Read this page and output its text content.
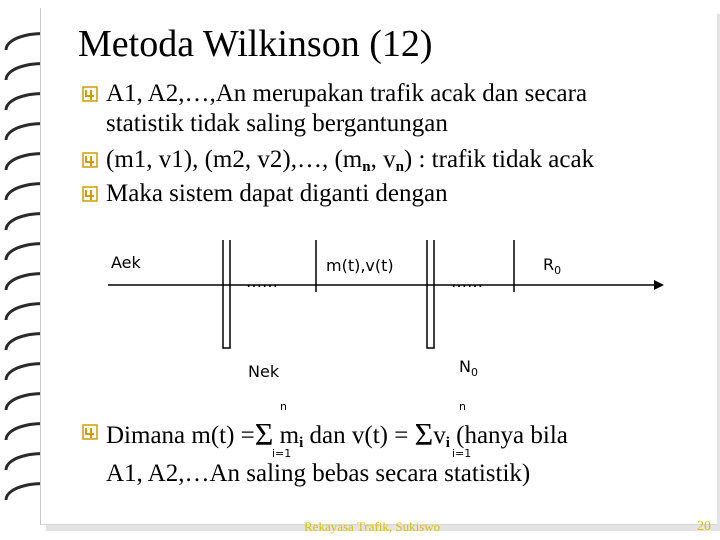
Metoda Wilkinson (12)
A1, A2,…,An merupakan trafik acak dan secara
statistik tidak saling bergantungan
(m1, v1), (m2, v2),…, (mn, vn) : trafik tidak acak
Maka sistem dapat diganti dengan
Aek
……
m(t),v(t)
……
$R_0$
Nek	$N_0$
Dimana m(t) =Σ mi dan v(t) = Σvi (hanya bila
A1, A2,…An saling bebas secara statistik)
n
i=1
n
i=1
Rekayasa Trafik, Sukiswo	20
